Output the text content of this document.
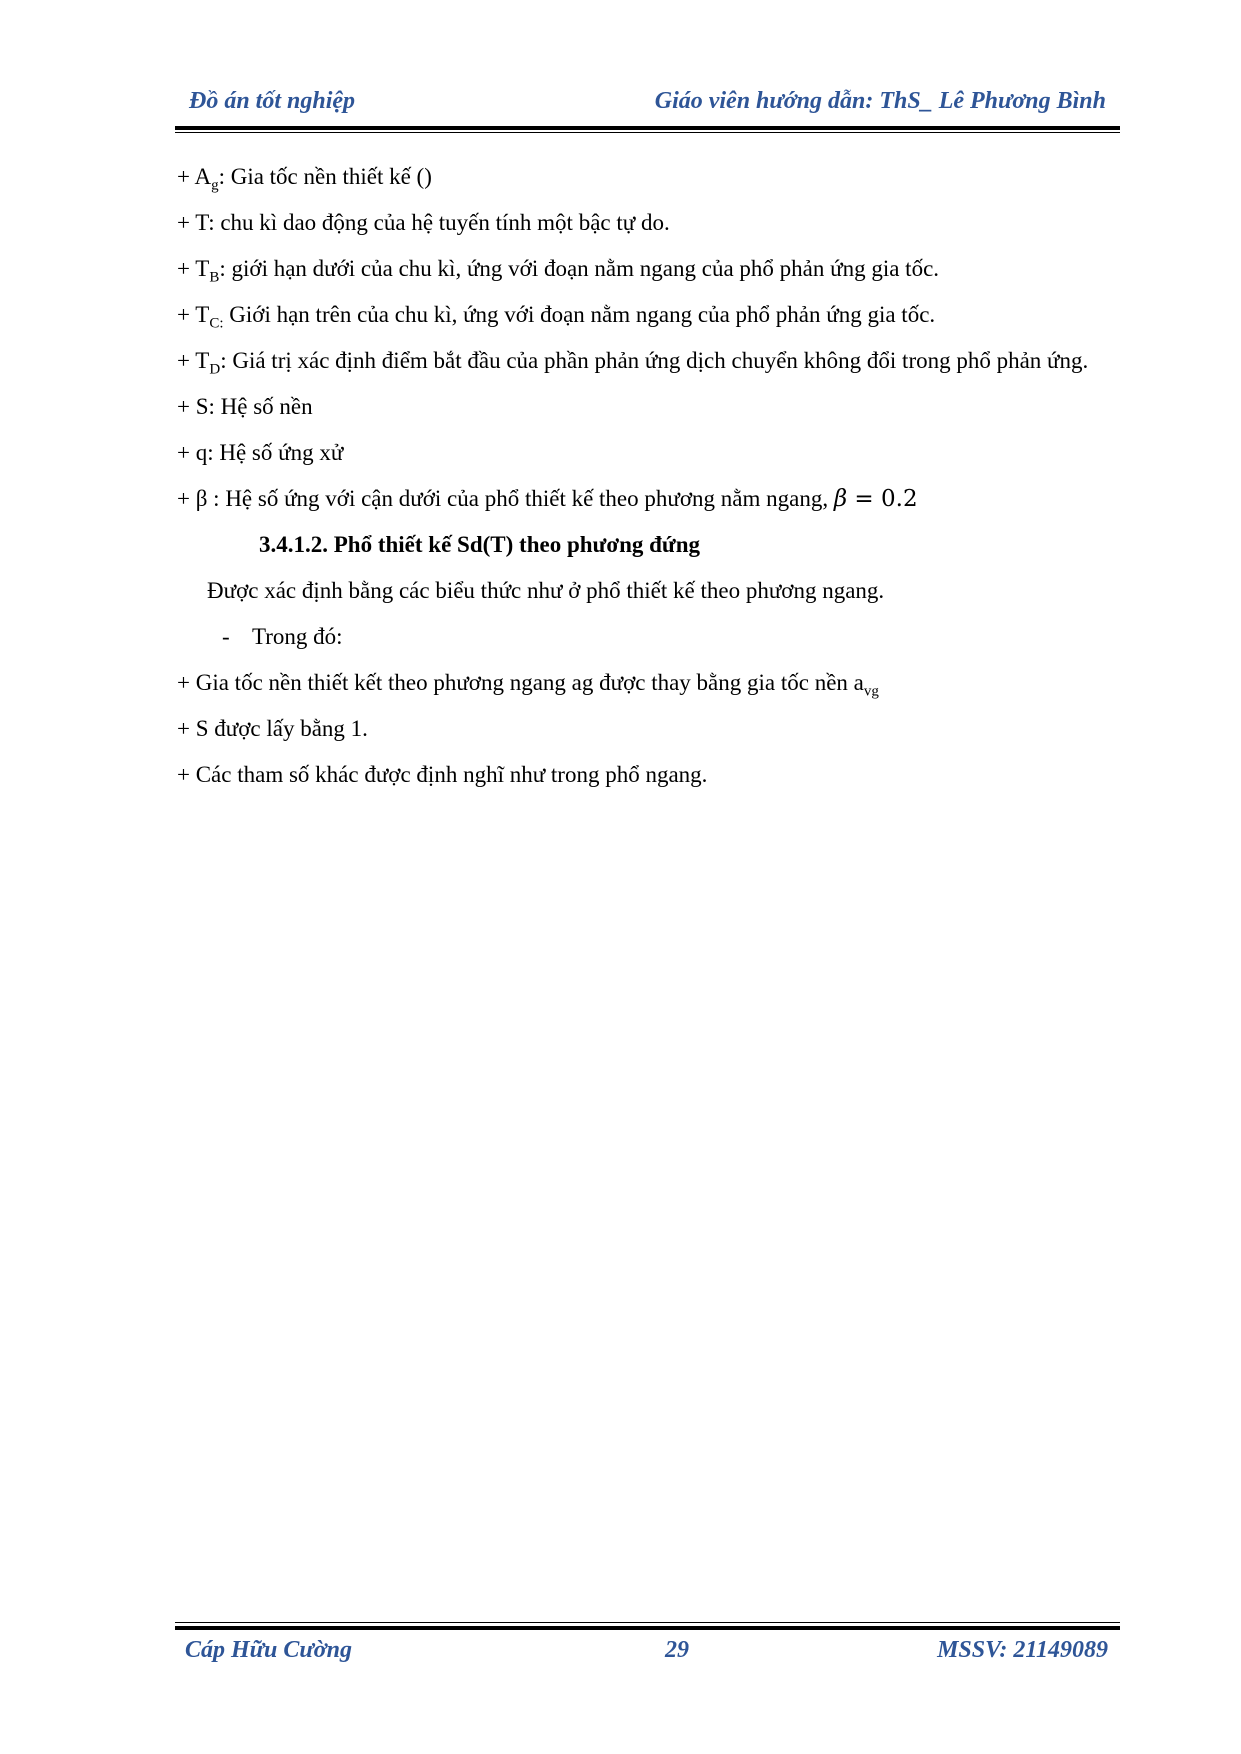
Đồ án tốt nghiệp	Giáo viên hướng dẫn: ThS_ Lê Phương Bình

+ $A_g$: Gia tốc nền thiết kế ()

+ T: chu kì dao động của hệ tuyến tính một bậc tự do.

+ $T_B$: giới hạn dưới của chu kì, ứng với đoạn nằm ngang của phổ phản ứng gia tốc.

+ $T_{C:}$ Giới hạn trên của chu kì, ứng với đoạn nằm ngang của phổ phản ứng gia tốc.

+ $T_D$: Giá trị xác định điểm bắt đầu của phần phản ứng dịch chuyển không đổi trong phổ phản ứng.

+ S: Hệ số nền

+ q: Hệ số ứng xử

+ β : Hệ số ứng với cận dưới của phổ thiết kế theo phương nằm ngang, β = 0.2

3.4.1.2. Phổ thiết kế Sd(T) theo phương đứng

Được xác định bằng các biểu thức như ở phổ thiết kế theo phương ngang.

- Trong đó:

+ Gia tốc nền thiết kết theo phương ngang ag được thay bằng gia tốc nền $a_{vg}$

+ S được lấy bằng 1.

+ Các tham số khác được định nghĩ như trong phổ ngang.

Cáp Hữu Cường	29	MSSV: 21149089
